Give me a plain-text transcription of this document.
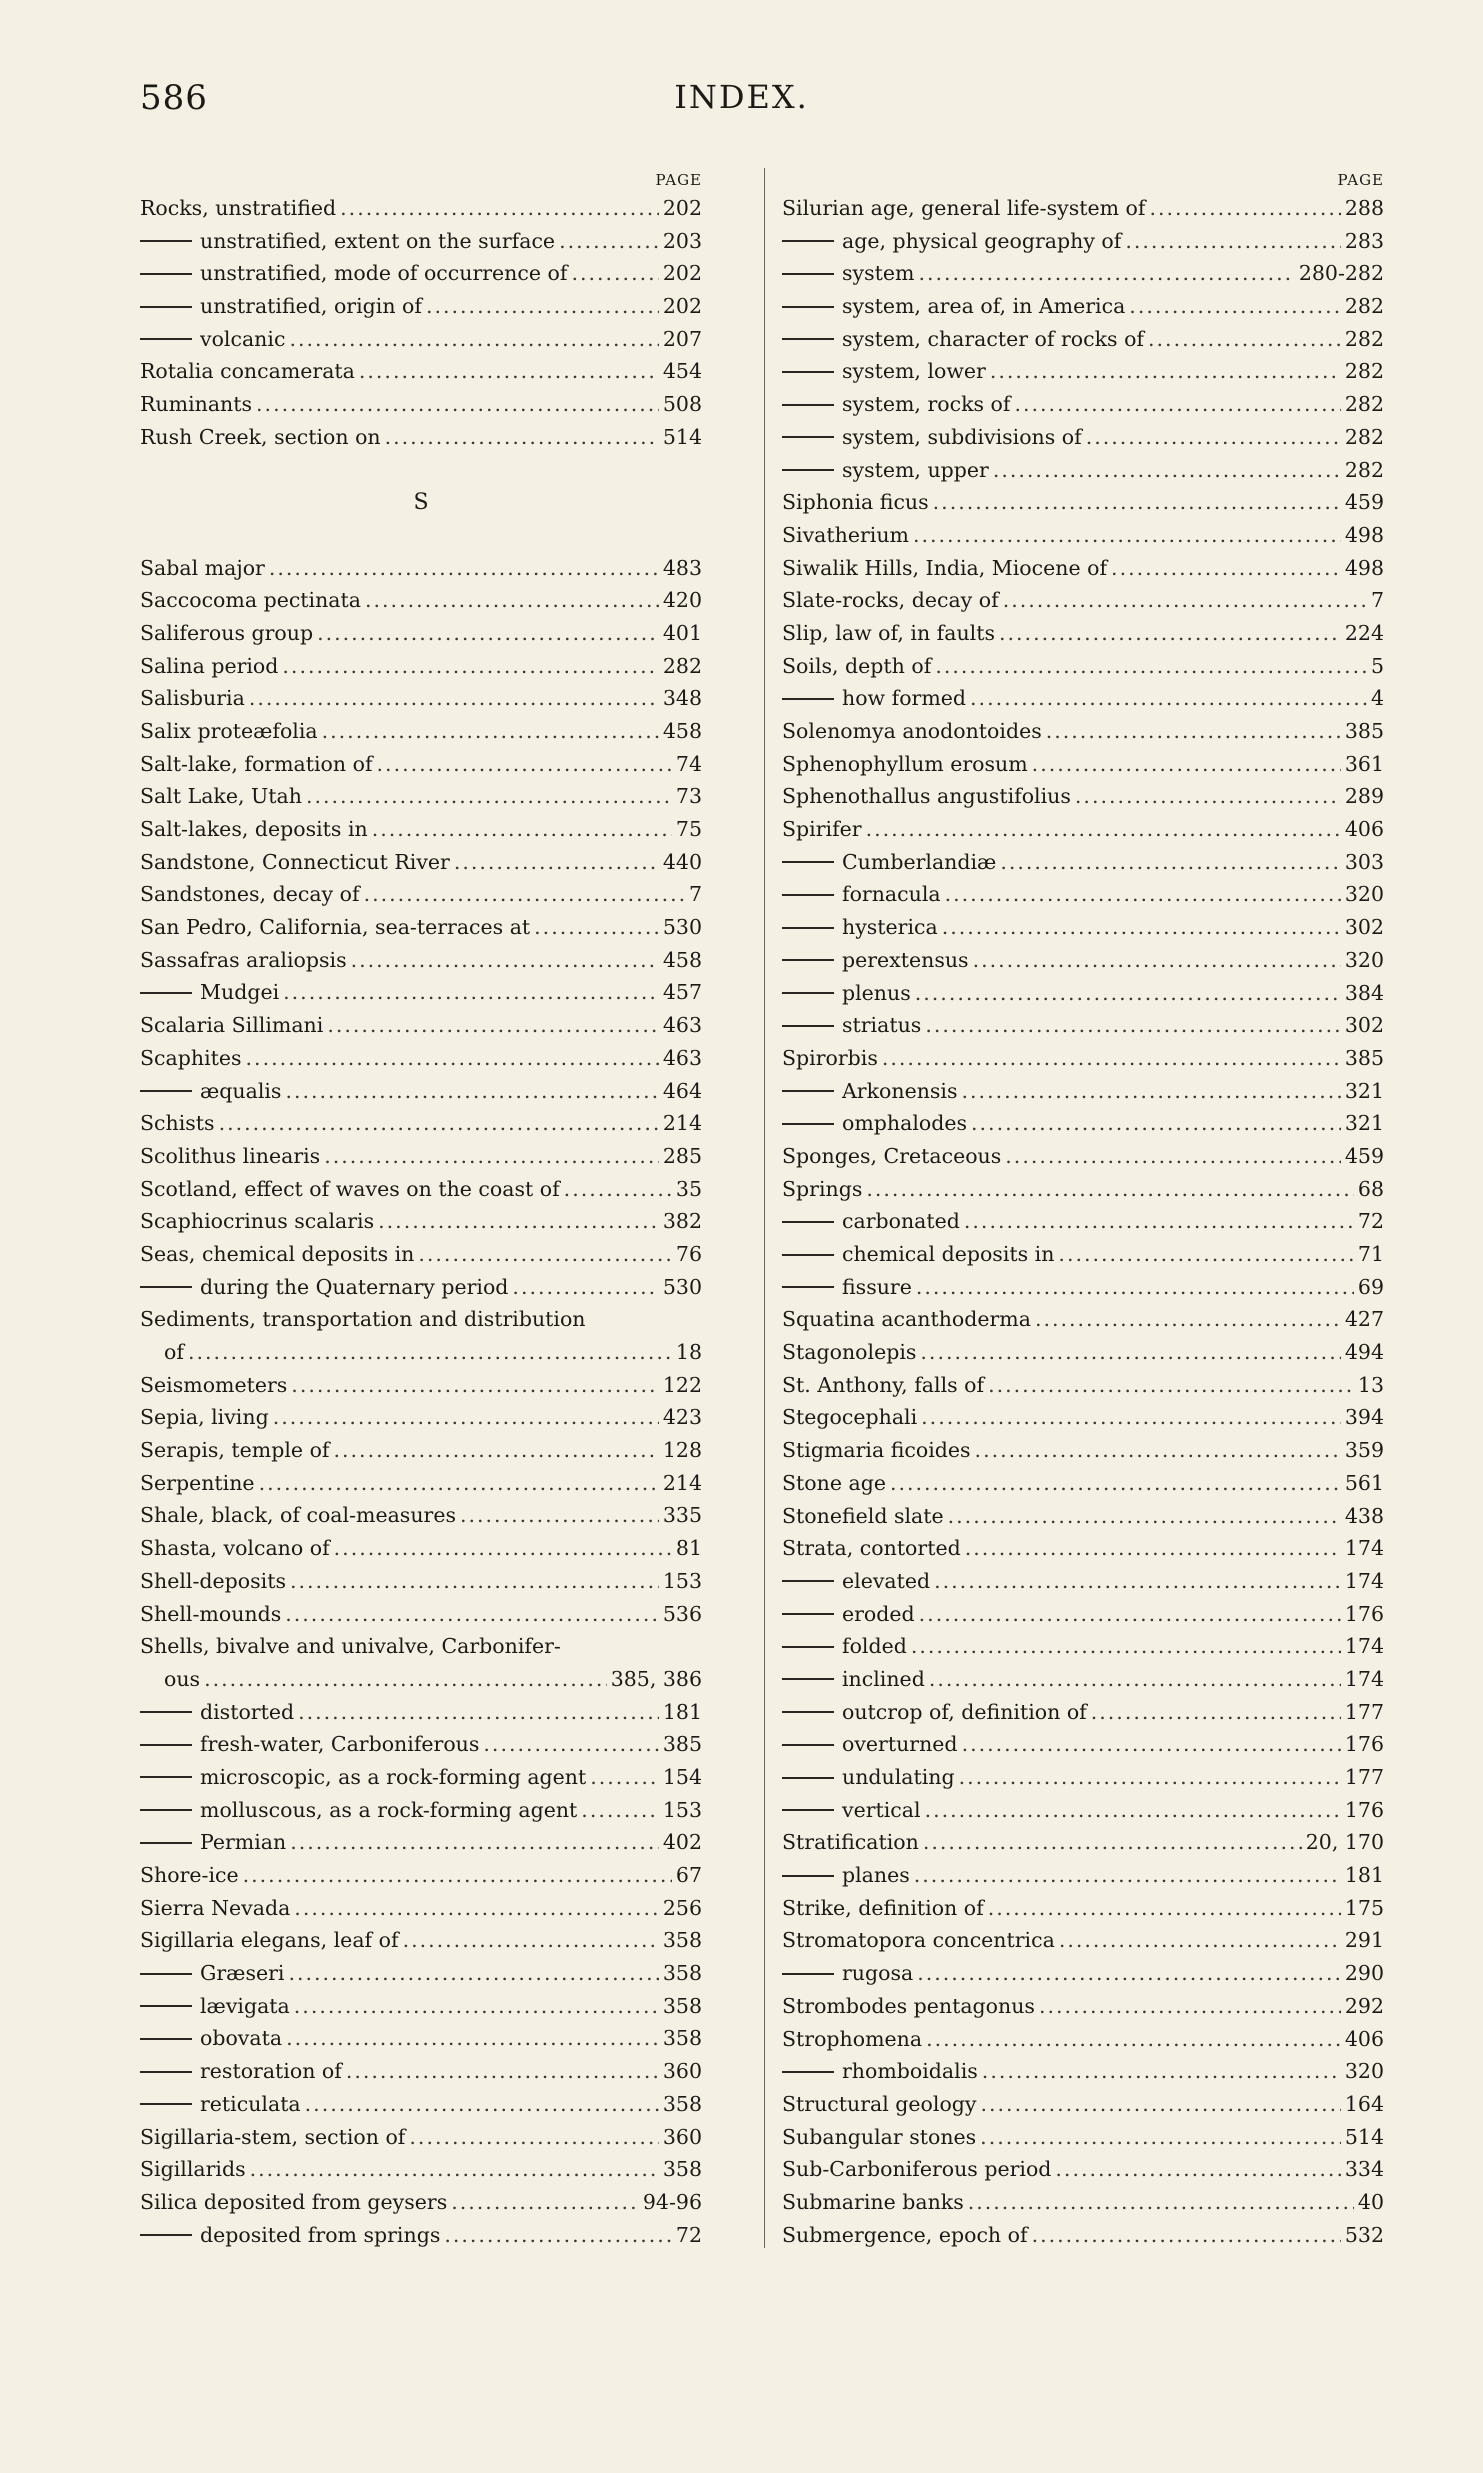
586	INDEX.
PAGE
Rocks, unstratified .....	202
unstratified, extent on the surface .....	203
unstratified, mode of occurrence of .....	202
unstratified, origin of .....	202
volcanic .....	207
Rotalia concamerata .....	454
Ruminants .....	508
Rush Creek, section on .....	514
S
Sabal major .....	483
Saccocoma pectinata .....	420
Saliferous group .....	401
Salina period .....	282
Salisburia .....	348
Salix proteæfolia .....	458
Salt-lake, formation of .....	74
Salt Lake, Utah .....	73
Salt-lakes, deposits in .....	75
Sandstone, Connecticut River .....	440
Sandstones, decay of .....	7
San Pedro, California, sea-terraces at .....	530
Sassafras araliopsis .....	458
Mudgei .....	457
Scalaria Sillimani .....	463
Scaphites .....	463
æqualis .....	464
Schists .....	214
Scolithus linearis .....	285
Scotland, effect of waves on the coast of .....	35
Scaphiocrinus scalaris .....	382
Seas, chemical deposits in .....	76
during the Quaternary period .....	530
Sediments, transportation and distribution
of .....	18
Seismometers .....	122
Sepia, living .....	423
Serapis, temple of .....	128
Serpentine .....	214
Shale, black, of coal-measures .....	335
Shasta, volcano of .....	81
Shell-deposits .....	153
Shell-mounds .....	536
Shells, bivalve and univalve, Carbonifer-
ous .....	385, 386
distorted .....	181
fresh-water, Carboniferous .....	385
microscopic, as a rock-forming agent .....	154
molluscous, as a rock-forming agent .....	153
Permian .....	402
Shore-ice .....	67
Sierra Nevada .....	256
Sigillaria elegans, leaf of .....	358
Græseri .....	358
lævigata .....	358
obovata .....	358
restoration of .....	360
reticulata .....	358
Sigillaria-stem, section of .....	360
Sigillarids .....	358
Silica deposited from geysers .....	94-96
deposited from springs .....	72
PAGE
Silurian age, general life-system of .....	288
age, physical geography of .....	283
system .....	280-282
system, area of, in America .....	282
system, character of rocks of .....	282
system, lower .....	282
system, rocks of .....	282
system, subdivisions of .....	282
system, upper .....	282
Siphonia ficus .....	459
Sivatherium .....	498
Siwalik Hills, India, Miocene of .....	498
Slate-rocks, decay of .....	7
Slip, law of, in faults .....	224
Soils, depth of .....	5
how formed .....	4
Solenomya anodontoides .....	385
Sphenophyllum erosum .....	361
Sphenothallus angustifolius .....	289
Spirifer .....	406
Cumberlandiæ .....	303
fornacula .....	320
hysterica .....	302
perextensus .....	320
plenus .....	384
striatus .....	302
Spirorbis .....	385
Arkonensis .....	321
omphalodes .....	321
Sponges, Cretaceous .....	459
Springs .....	68
carbonated .....	72
chemical deposits in .....	71
fissure .....	69
Squatina acanthoderma .....	427
Stagonolepis .....	494
St. Anthony, falls of .....	13
Stegocephali .....	394
Stigmaria ficoides .....	359
Stone age .....	561
Stonefield slate .....	438
Strata, contorted .....	174
elevated .....	174
eroded .....	176
folded .....	174
inclined .....	174
outcrop of, definition of .....	177
overturned .....	176
undulating .....	177
vertical .....	176
Stratification .....	20, 170
planes .....	181
Strike, definition of .....	175
Stromatopora concentrica .....	291
rugosa .....	290
Strombodes pentagonus .....	292
Strophomena .....	406
rhomboidalis .....	320
Structural geology .....	164
Subangular stones .....	514
Sub-Carboniferous period .....	334
Submarine banks .....	40
Submergence, epoch of .....	532
